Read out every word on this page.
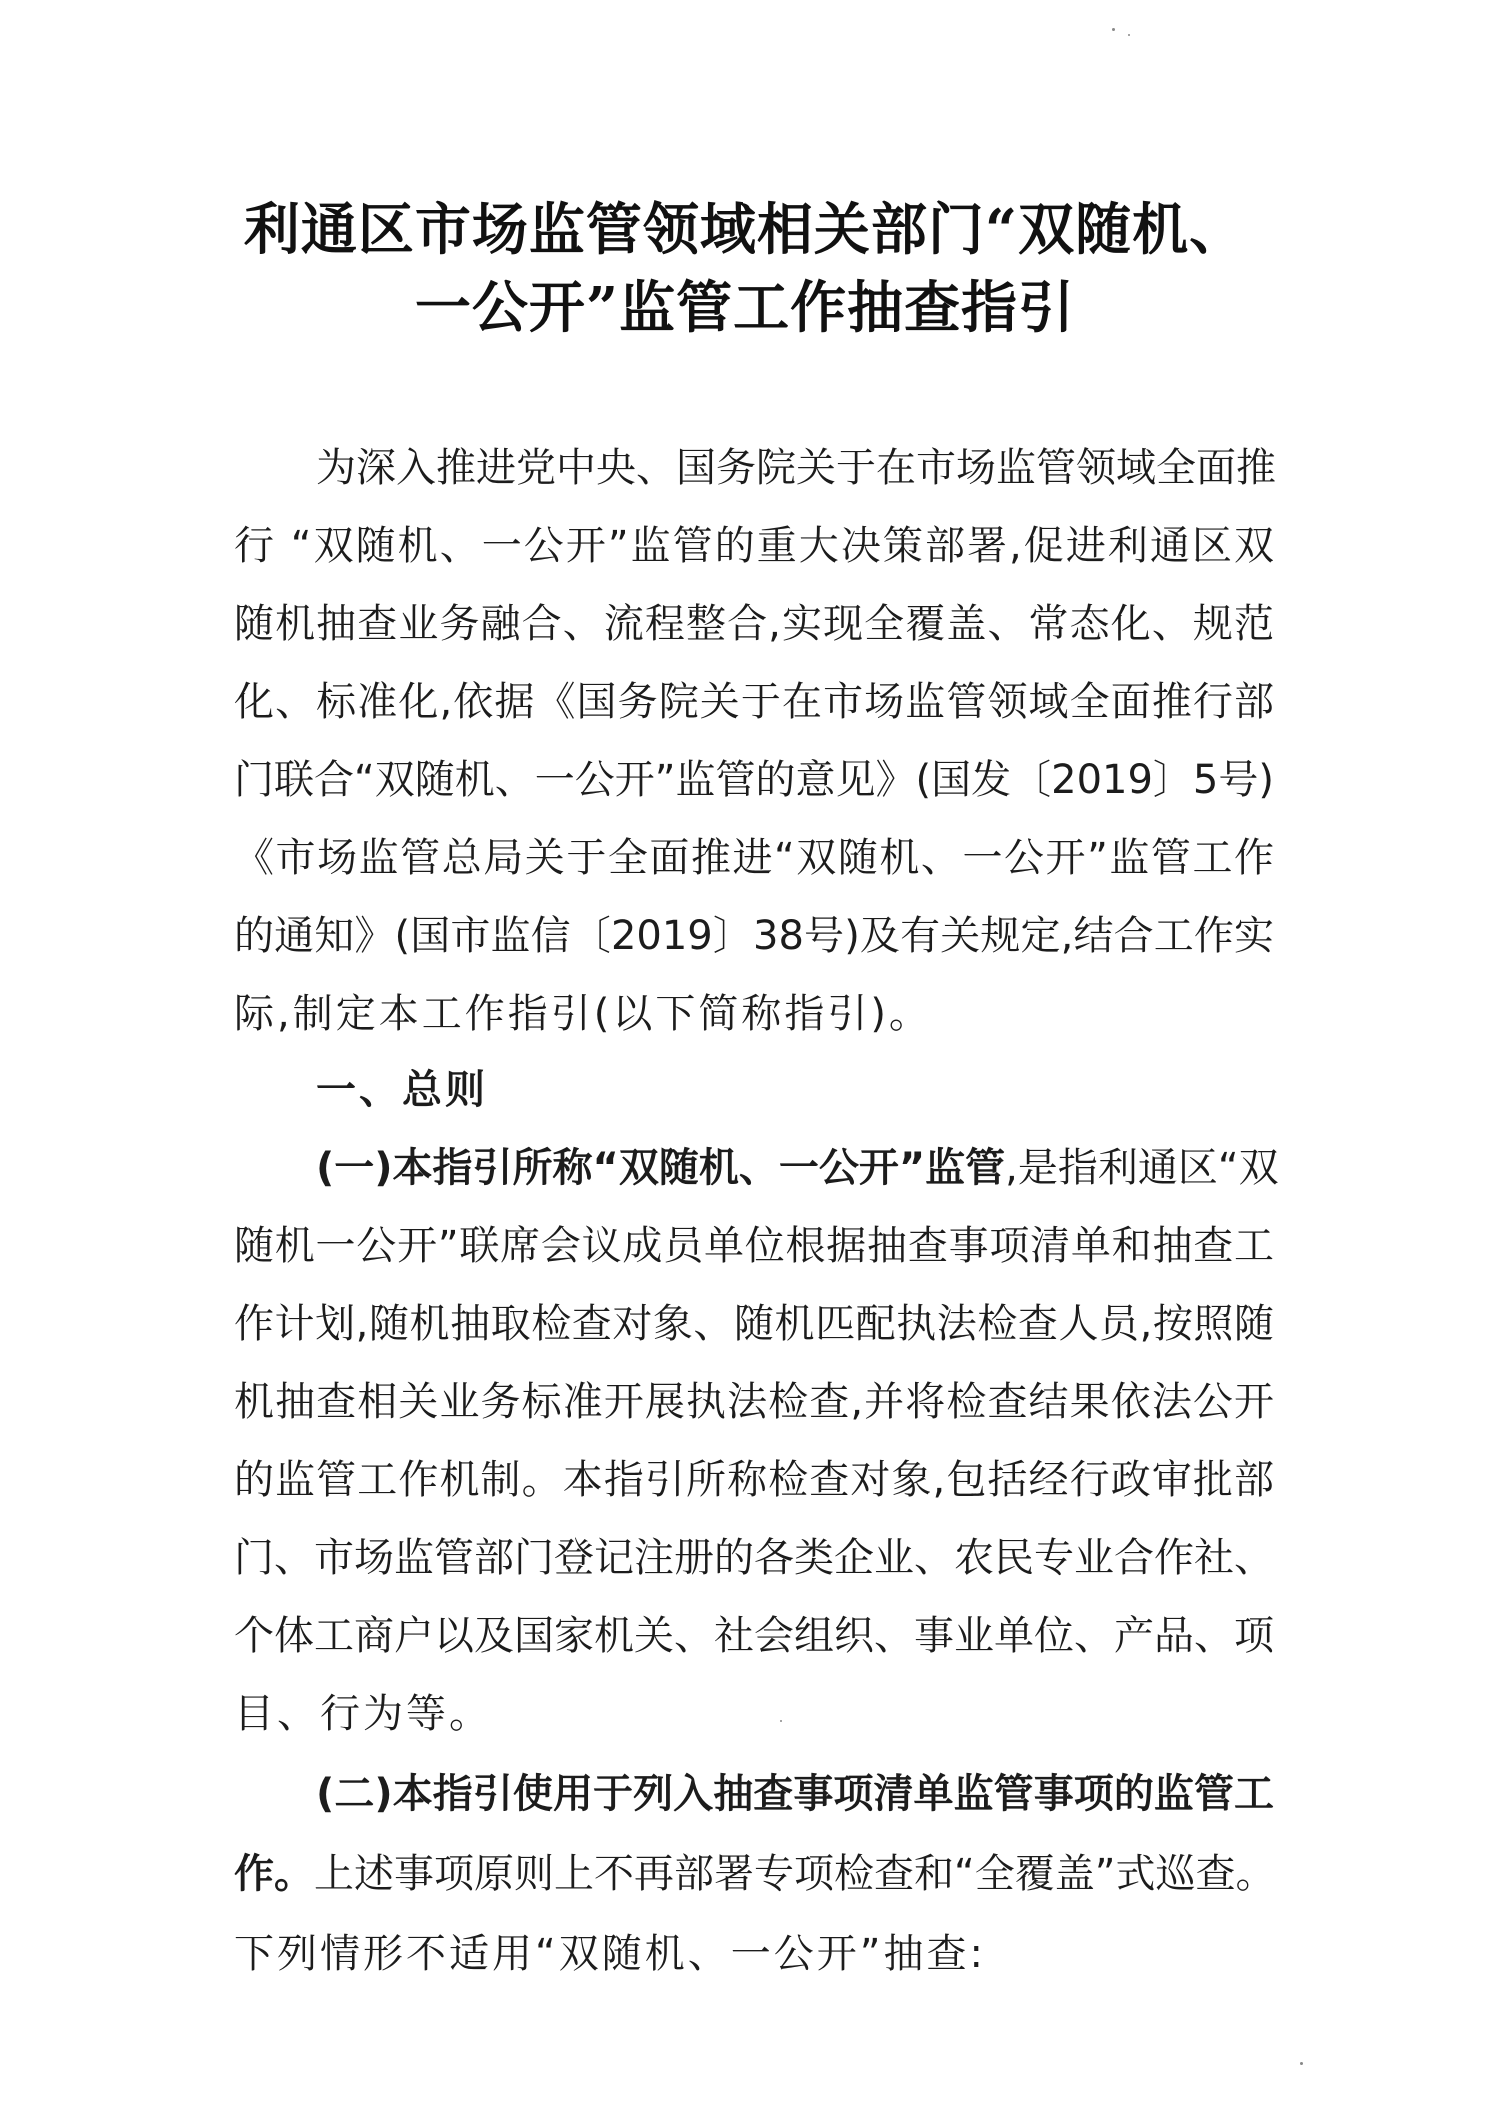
利通区市场监管领域相关部门“双随机、
一公开”监管工作抽查指引

为深入推进党中央、国务院关于在市场监管领域全面推

行 “双随机、一公开”监管的重大决策部署,促进利通区双

随机抽查业务融合、流程整合,实现全覆盖、常态化、规范

化、标准化,依据《国务院关于在市场监管领域全面推行部

门联合“双随机、一公开”监管的意见》(国发〔2019〕5号)

《市场监管总局关于全面推进“双随机、一公开”监管工作

的通知》(国市监信〔2019〕38号)及有关规定,结合工作实

际,制定本工作指引(以下简称指引)。

一、总则

(一)本指引所称“双随机、一公开”监管,是指利通区“双

随机一公开”联席会议成员单位根据抽查事项清单和抽查工

作计划,随机抽取检查对象、随机匹配执法检查人员,按照随

机抽查相关业务标准开展执法检查,并将检查结果依法公开

的监管工作机制。本指引所称检查对象,包括经行政审批部

门、市场监管部门登记注册的各类企业、农民专业合作社、

个体工商户以及国家机关、社会组织、事业单位、产品、项

目、行为等。

(二)本指引使用于列入抽查事项清单监管事项的监管工

作。上述事项原则上不再部署专项检查和“全覆盖”式巡查。

下列情形不适用“双随机、一公开”抽查:
